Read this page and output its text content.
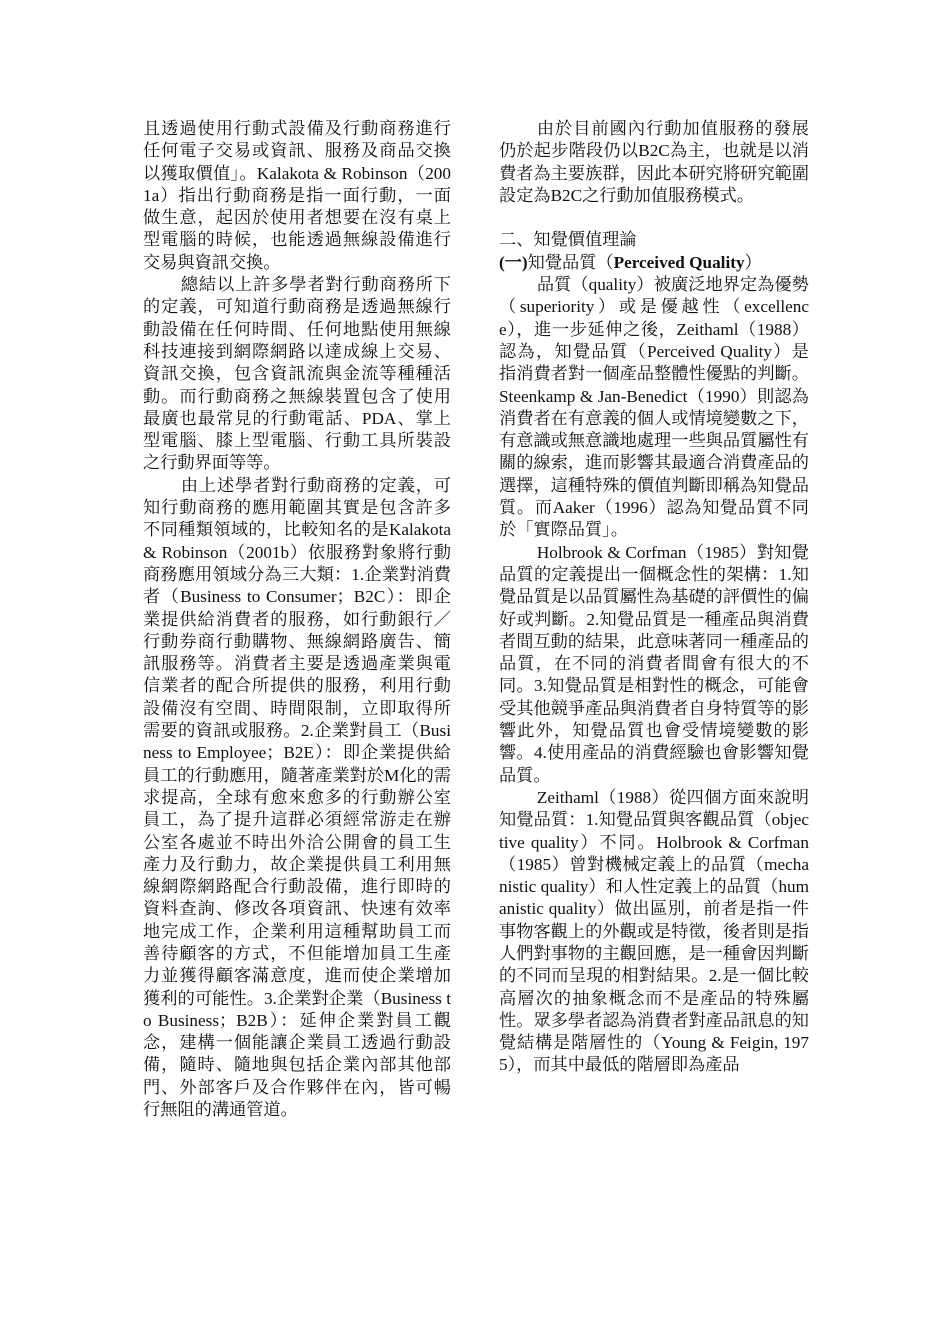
且透過使用行動式設備及行動商務進行任何電子交易或資訊、服務及商品交換以獲取價值」。Kalakota & Robinson（2001a）指出行動商務是指一面行動，一面做生意，起因於使用者想要在沒有桌上型電腦的時候，也能透過無線設備進行交易與資訊交換。

總結以上許多學者對行動商務所下的定義，可知道行動商務是透過無線行動設備在任何時間、任何地點使用無線科技連接到網際網路以達成線上交易、資訊交換，包含資訊流與金流等種種活動。而行動商務之無線裝置包含了使用最廣也最常見的行動電話、PDA、掌上型電腦、膝上型電腦、行動工具所裝設之行動界面等等。

由上述學者對行動商務的定義，可知行動商務的應用範圍其實是包含許多不同種類領域的，比較知名的是Kalakota & Robinson（2001b）依服務對象將行動商務應用領域分為三大類：1.企業對消費者（Business to Consumer；B2C）：即企業提供給消費者的服務，如行動銀行／行動券商行動購物、無線網路廣告、簡訊服務等。消費者主要是透過產業與電信業者的配合所提供的服務，利用行動設備沒有空間、時間限制，立即取得所需要的資訊或服務。2.企業對員工（Business to Employee；B2E）：即企業提供給員工的行動應用，隨著產業對於M化的需求提高，全球有愈來愈多的行動辦公室員工，為了提升這群必須經常游走在辦公室各處並不時出外洽公開會的員工生產力及行動力，故企業提供員工利用無線網際網路配合行動設備，進行即時的資料查詢、修改各項資訊、快速有效率地完成工作，企業利用這種幫助員工而善待顧客的方式，不但能增加員工生產力並獲得顧客滿意度，進而使企業增加獲利的可能性。3.企業對企業（Business to Business；B2B）：延伸企業對員工觀念，建構一個能讓企業員工透過行動設備，隨時、隨地與包括企業內部其他部門、外部客戶及合作夥伴在內，皆可暢行無阻的溝通管道。

由於目前國內行動加值服務的發展仍於起步階段仍以B2C為主，也就是以消費者為主要族群，因此本研究將研究範圍設定為B2C之行動加值服務模式。

二、知覺價值理論

(一)知覺品質（Perceived Quality）

品質（quality）被廣泛地界定為優勢（superiority）或是優越性（excellence），進一步延伸之後，Zeithaml（1988）認為，知覺品質（Perceived Quality）是指消費者對一個產品整體性優點的判斷。Steenkamp & Jan-Benedict（1990）則認為消費者在有意義的個人或情境變數之下，有意識或無意識地處理一些與品質屬性有關的線索，進而影響其最適合消費產品的選擇，這種特殊的價值判斷即稱為知覺品質。而Aaker（1996）認為知覺品質不同於「實際品質」。

Holbrook & Corfman（1985）對知覺品質的定義提出一個概念性的架構：1.知覺品質是以品質屬性為基礎的評價性的偏好或判斷。2.知覺品質是一種產品與消費者間互動的結果，此意味著同一種產品的品質，在不同的消費者間會有很大的不同。3.知覺品質是相對性的概念，可能會受其他競爭產品與消費者自身特質等的影響此外，知覺品質也會受情境變數的影響。4.使用產品的消費經驗也會影響知覺品質。

Zeithaml（1988）從四個方面來說明知覺品質：1.知覺品質與客觀品質（objective quality）不同。Holbrook & Corfman（1985）曾對機械定義上的品質（mechanistic quality）和人性定義上的品質（humanistic quality）做出區別，前者是指一件事物客觀上的外觀或是特徵，後者則是指人們對事物的主觀回應，是一種會因判斷的不同而呈現的相對結果。2.是一個比較高層次的抽象概念而不是產品的特殊屬性。眾多學者認為消費者對產品訊息的知覺結構是階層性的（Young & Feigin, 1975），而其中最低的階層即為產品
